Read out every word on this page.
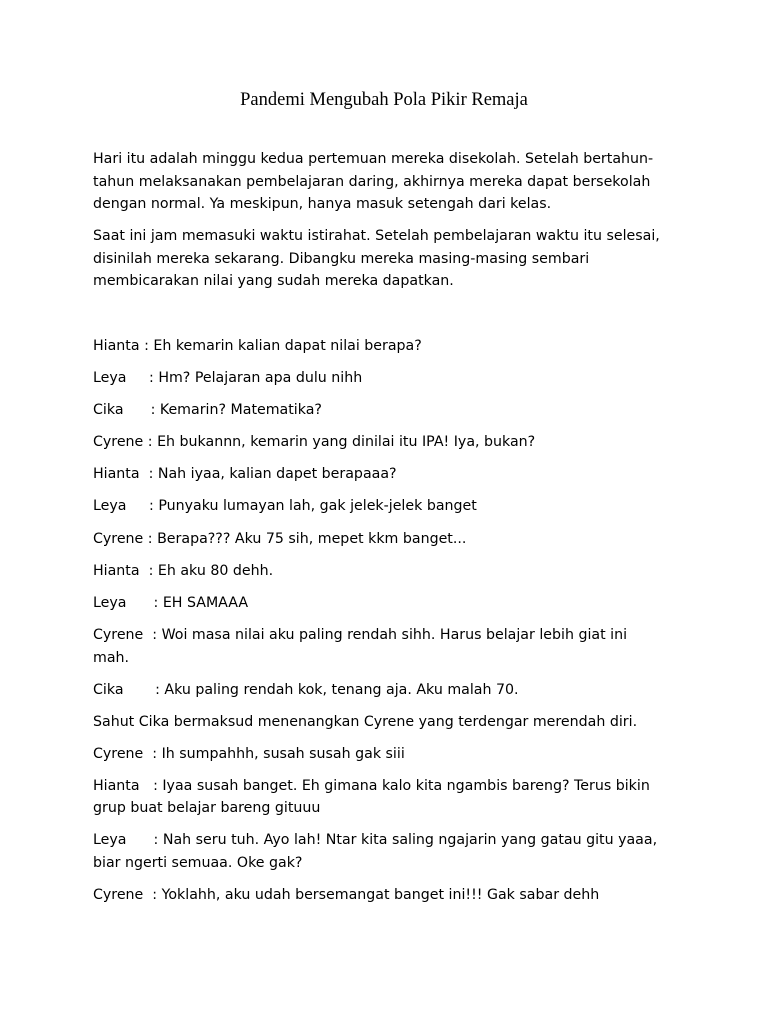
Pandemi Mengubah Pola Pikir Remaja
Hari itu adalah minggu kedua pertemuan mereka disekolah. Setelah bertahun-
tahun melaksanakan pembelajaran daring, akhirnya mereka dapat bersekolah
dengan normal. Ya meskipun, hanya masuk setengah dari kelas.
Saat ini jam memasuki waktu istirahat. Setelah pembelajaran waktu itu selesai,
disinilah mereka sekarang. Dibangku mereka masing-masing sembari
membicarakan nilai yang sudah mereka dapatkan.
Hianta : Eh kemarin kalian dapat nilai berapa?
Leya     : Hm? Pelajaran apa dulu nihh
Cika      : Kemarin? Matematika?
Cyrene : Eh bukannn, kemarin yang dinilai itu IPA! Iya, bukan?
Hianta  : Nah iyaa, kalian dapet berapaaa?
Leya     : Punyaku lumayan lah, gak jelek-jelek banget
Cyrene : Berapa??? Aku 75 sih, mepet kkm banget...
Hianta  : Eh aku 80 dehh.
Leya      : EH SAMAAA
Cyrene  : Woi masa nilai aku paling rendah sihh. Harus belajar lebih giat ini
mah.
Cika       : Aku paling rendah kok, tenang aja. Aku malah 70.
Sahut Cika bermaksud menenangkan Cyrene yang terdengar merendah diri.
Cyrene  : Ih sumpahhh, susah susah gak siii
Hianta   : Iyaa susah banget. Eh gimana kalo kita ngambis bareng? Terus bikin
grup buat belajar bareng gituuu
Leya      : Nah seru tuh. Ayo lah! Ntar kita saling ngajarin yang gatau gitu yaaa,
biar ngerti semuaa. Oke gak?
Cyrene  : Yoklahh, aku udah bersemangat banget ini!!! Gak sabar dehh
